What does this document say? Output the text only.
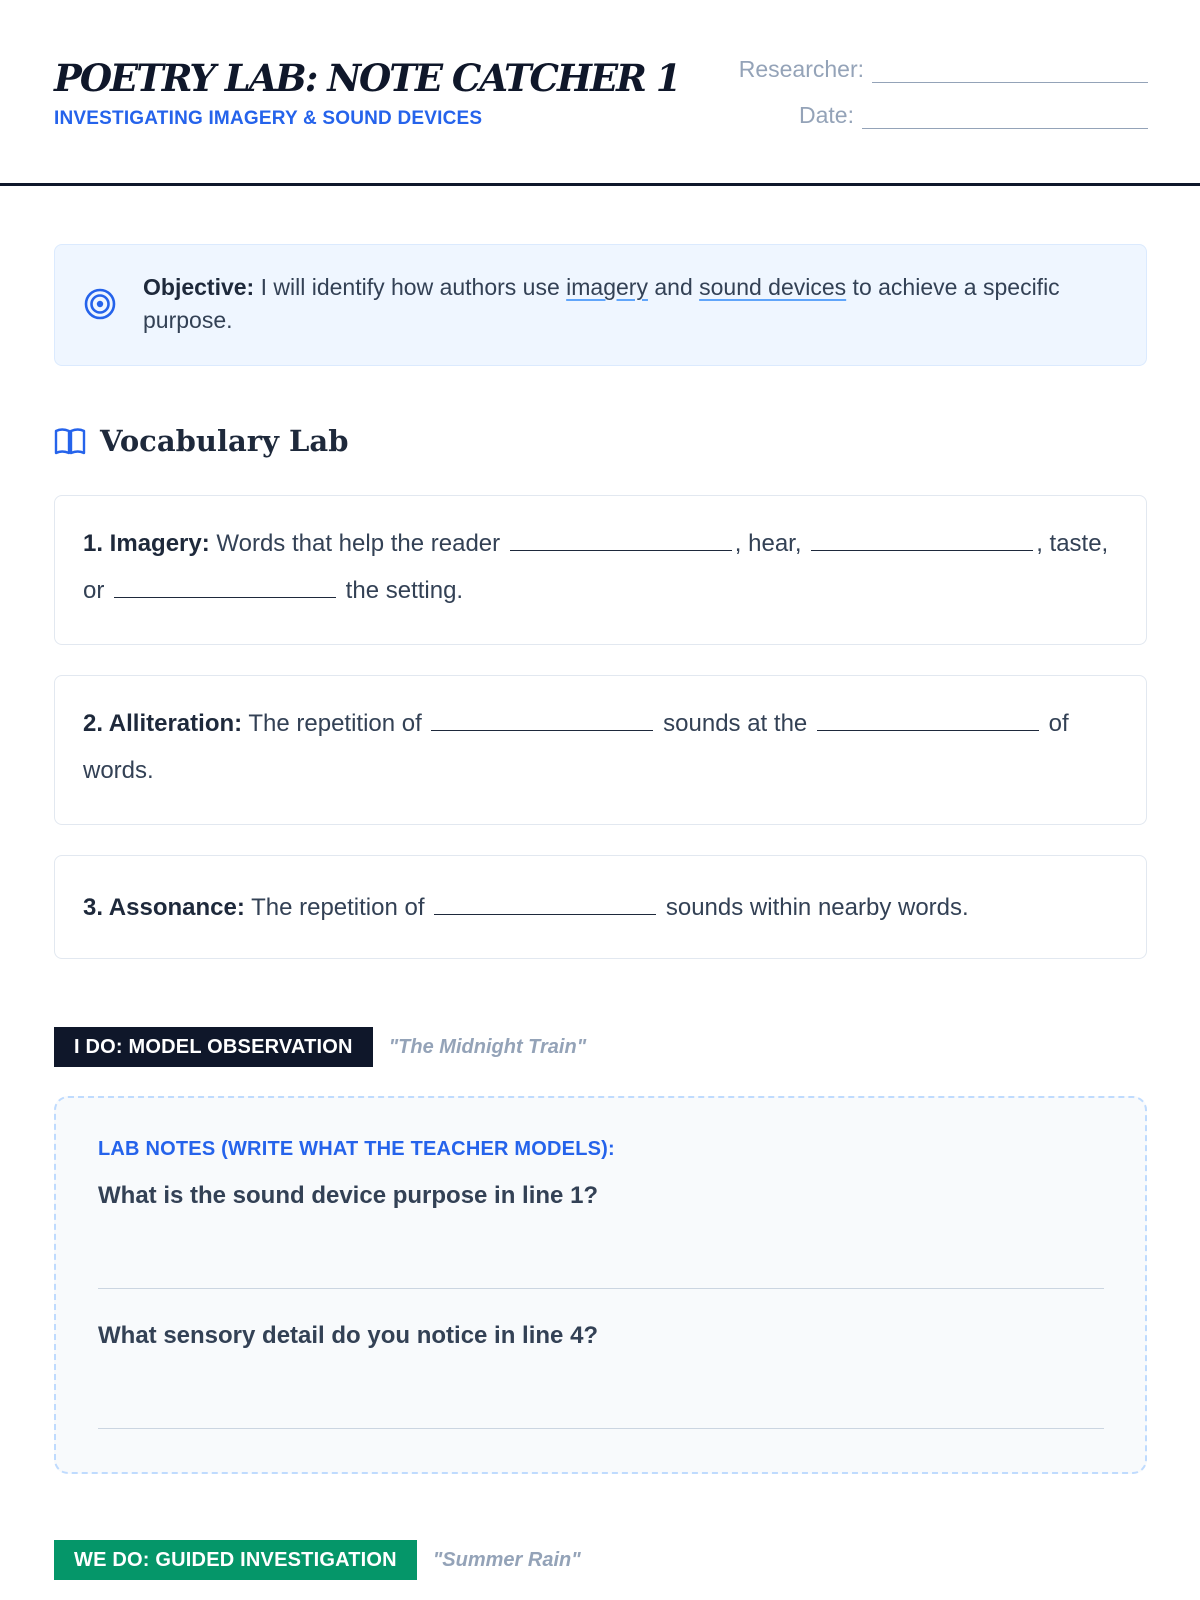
POETRY LAB: NOTE CATCHER 1
INVESTIGATING IMAGERY & SOUND DEVICES
Researcher:
Date:

Objective: I will identify how authors use imagery and sound devices to achieve a specific purpose.

Vocabulary Lab

1. Imagery: Words that help the reader	, hear,	, taste, or	the setting.

2. Alliteration: The repetition of	sounds at the	of words.

3. Assonance: The repetition of	sounds within nearby words.

I DO: MODEL OBSERVATION	"The Midnight Train"
LAB NOTES (WRITE WHAT THE TEACHER MODELS):
What is the sound device purpose in line 1?
What sensory detail do you notice in line 4?
WE DO: GUIDED INVESTIGATION	"Summer Rain"
